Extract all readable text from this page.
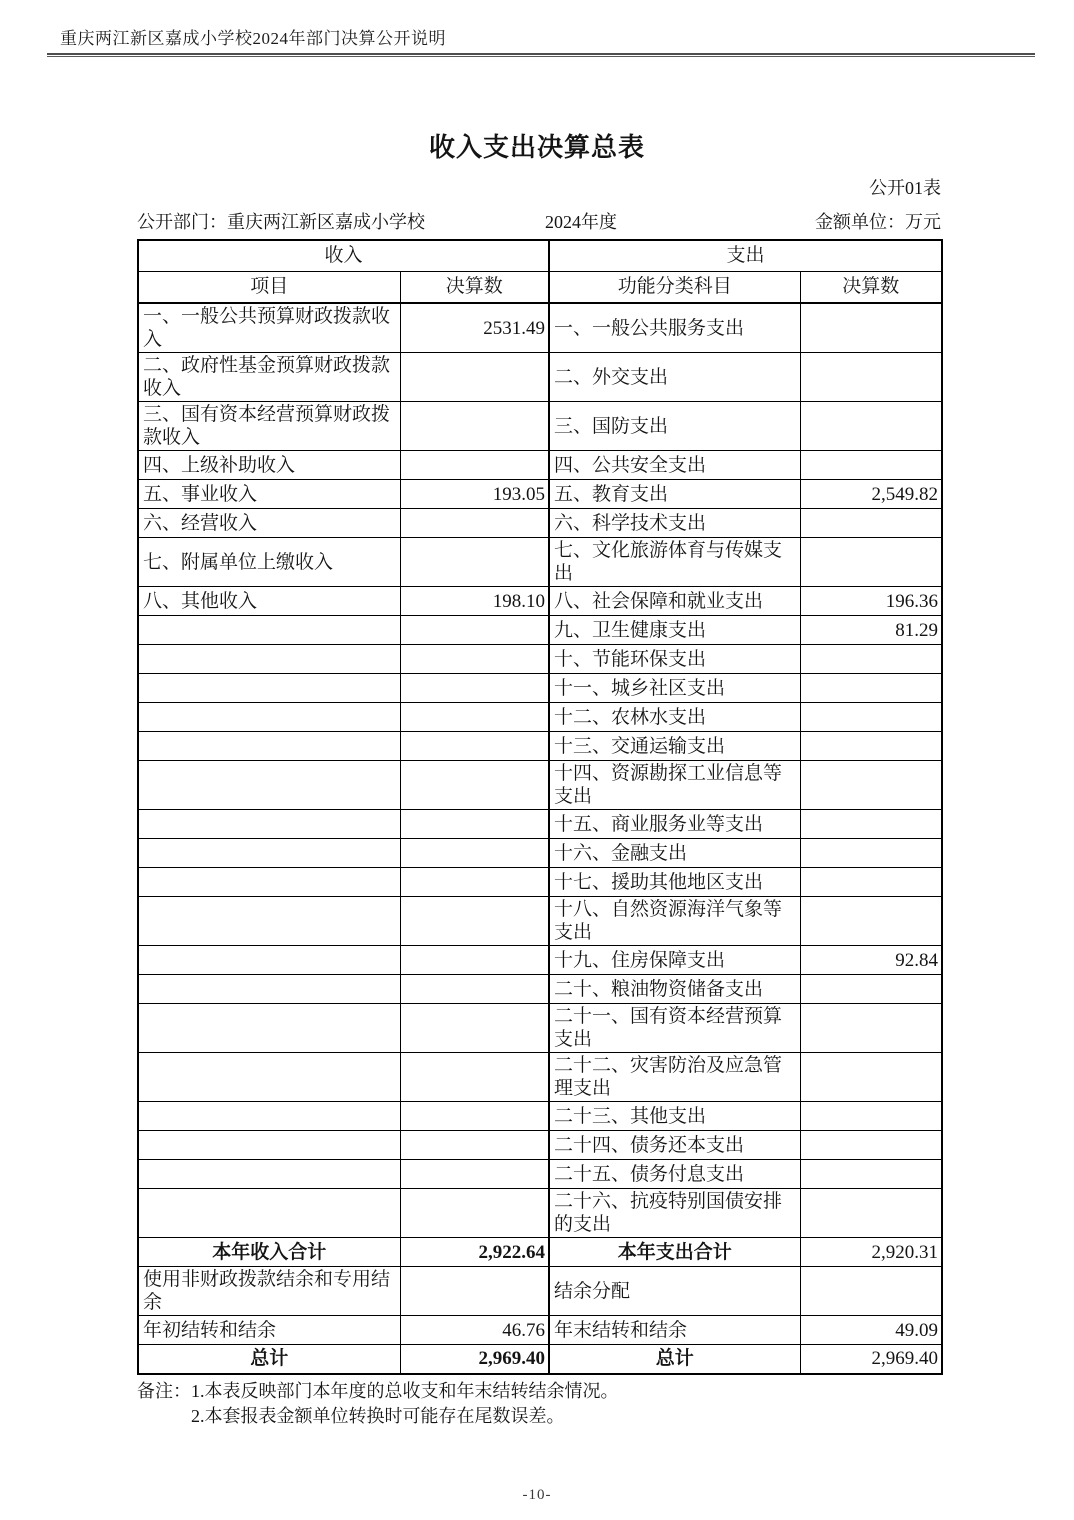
重庆两江新区嘉成小学校2024年部门决算公开说明
收入支出决算总表
公开01表
公开部门：重庆两江新区嘉成小学校	2024年度	金额单位：万元
收入		支出	
项目	决算数	功能分类科目	决算数
一、一般公共预算财政拨款收入	2531.49	一、一般公共服务支出	
二、政府性基金预算财政拨款收入		二、外交支出	
三、国有资本经营预算财政拨款收入		三、国防支出	
四、上级补助收入		四、公共安全支出	
五、事业收入	193.05	五、教育支出	2,549.82
六、经营收入		六、科学技术支出	
七、附属单位上缴收入		七、文化旅游体育与传媒支出	
八、其他收入	198.10	八、社会保障和就业支出	196.36
		九、卫生健康支出	81.29
		十、节能环保支出	
		十一、城乡社区支出	
		十二、农林水支出	
		十三、交通运输支出	
		十四、资源勘探工业信息等支出	
		十五、商业服务业等支出	
		十六、金融支出	
		十七、援助其他地区支出	
		十八、自然资源海洋气象等支出	
		十九、住房保障支出	92.84
		二十、粮油物资储备支出	
		二十一、国有资本经营预算支出	
		二十二、灾害防治及应急管理支出	
		二十三、其他支出	
		二十四、债务还本支出	
		二十五、债务付息支出	
		二十六、抗疫特别国债安排的支出	
本年收入合计	2,922.64	本年支出合计	2,920.31
使用非财政拨款结余和专用结余		结余分配	
年初结转和结余	46.76	年末结转和结余	49.09
总计	2,969.40	总计	2,969.40
备注： 1.本表反映部门本年度的总收支和年末结转结余情况。
2.本套报表金额单位转换时可能存在尾数误差。
-10-
